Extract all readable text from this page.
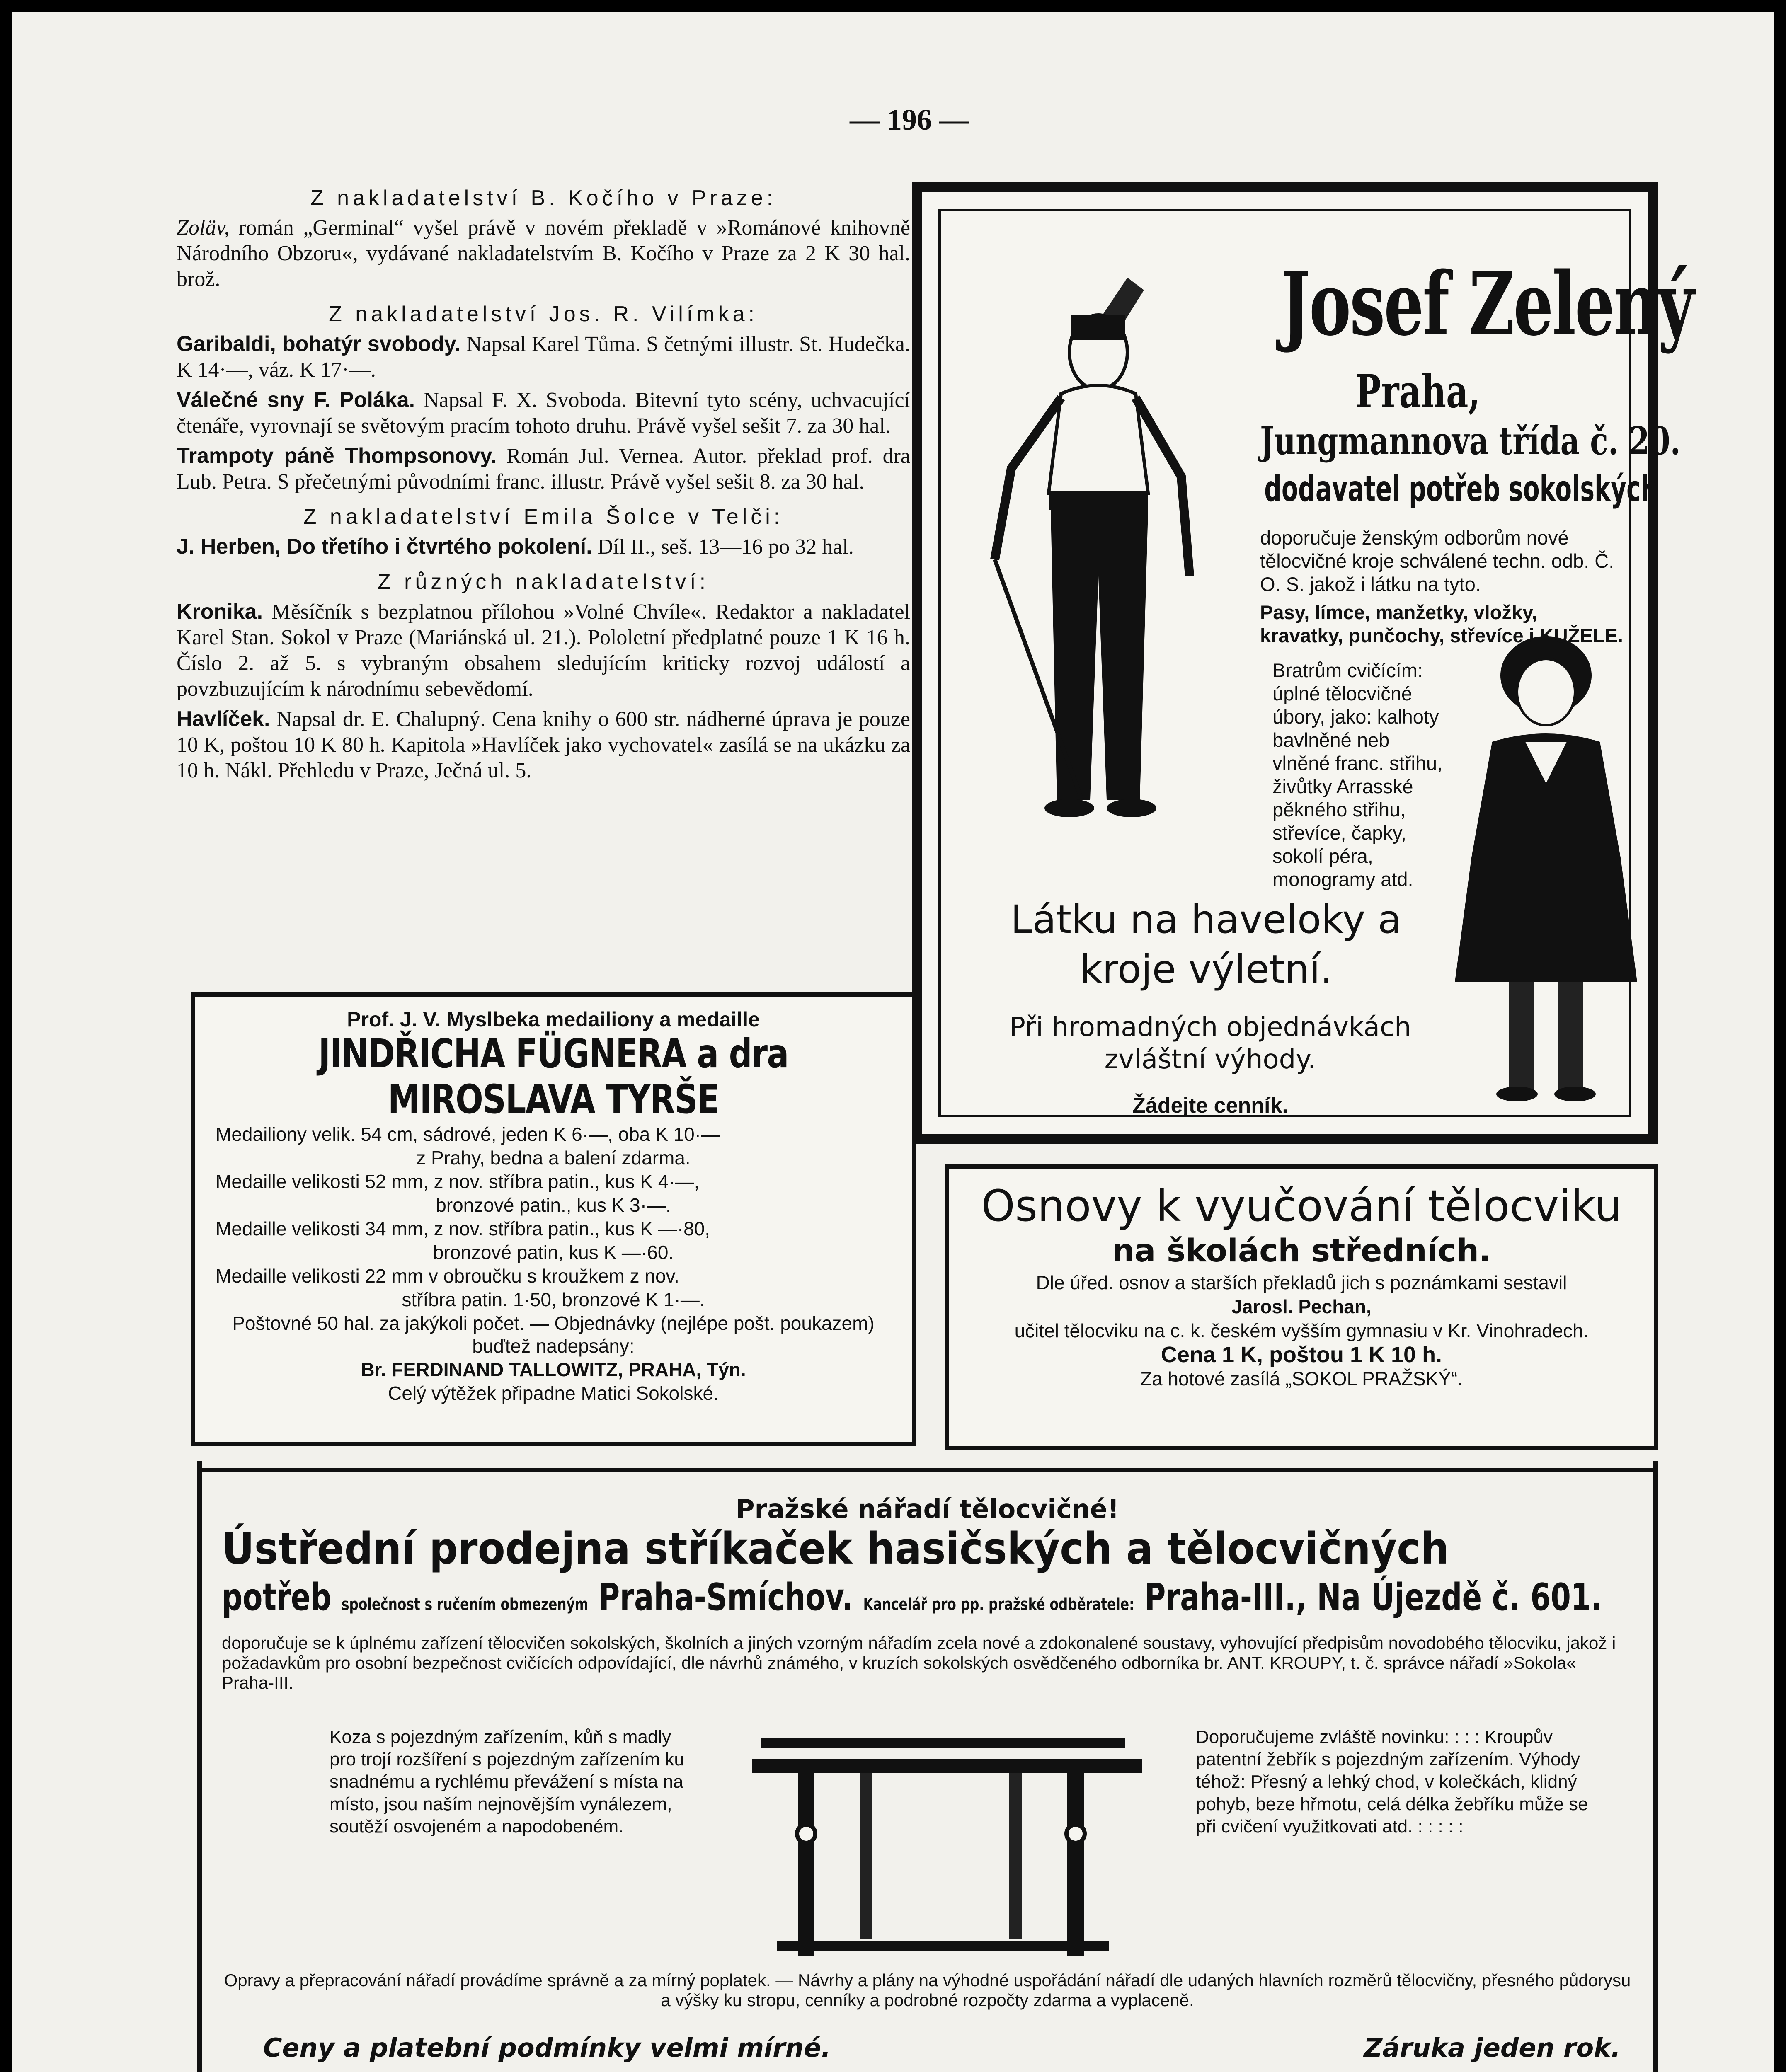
— 196 —
Z nakladatelství B. Kočího v Praze:
Zoläv, román „Germinal“ vyšel právě v novém překladě v »Románové knihovně Národního Obzoru«, vydávané nakladatelstvím B. Kočího v Praze za 2 K 30 hal. brož.
Z nakladatelství Jos. R. Vilímka:
Garibaldi, bohatýr svobody. Napsal Karel Tůma. S četnými illustr. St. Hudečka. K 14·—, váz. K 17·—.
Válečné sny F. Poláka. Napsal F. X. Svoboda. Bitevní tyto scény, uchvacující čtenáře, vyrovnají se světovým pracím tohoto druhu. Právě vyšel sešit 7. za 30 hal.
Trampoty páně Thompsonovy. Román Jul. Vernea. Autor. překlad prof. dra Lub. Petra. S přečetnými původními franc. illustr. Právě vyšel sešit 8. za 30 hal.
Z nakladatelství Emila Šolce v Telči:
J. Herben, Do třetího i čtvrtého pokolení. Díl II., seš. 13—16 po 32 hal.
Z různých nakladatelství:
Kronika. Měsíčník s bezplatnou přílohou »Volné Chvíle«. Redaktor a nakladatel Karel Stan. Sokol v Praze (Mariánská ul. 21.). Pololetní předplatné pouze 1 K 16 h. Číslo 2. až 5. s vybraným obsahem sledujícím kriticky rozvoj událostí a povzbuzujícím k národnímu sebevědomí.
Havlíček. Napsal dr. E. Chalupný. Cena knihy o 600 str. nádherné úprava je pouze 10 K, poštou 10 K 80 h. Kapitola »Havlíček jako vychovatel« zasílá se na ukázku za 10 h. Nákl. Přehledu v Praze, Ječná ul. 5.
Prof. J. V. Myslbeka medailiony a medaille
JINDŘICHA FÜGNERA a dra MIROSLAVA TYRŠE
Medailiony velik. 54 cm, sádrové, jeden K 6·—, oba K 10·—
z Prahy, bedna a balení zdarma.
Medaille velikosti 52 mm, z nov. stříbra patin., kus K 4·—,
bronzové patin., kus K 3·—.
Medaille velikosti 34 mm, z nov. stříbra patin., kus K —·80,
bronzové patin, kus K —·60.
Medaille velikosti 22 mm v obroučku s kroužkem z nov.
stříbra patin. 1·50, bronzové K 1·—.
Poštovné 50 hal. za jakýkoli počet. — Objednávky (nejlépe pošt. poukazem) buďtež nadepsány:
Br. FERDINAND TALLOWITZ, PRAHA, Týn.
Celý výtěžek připadne Matici Sokolské.
Josef Zelený
Praha,
Jungmannova třída č. 20.
dodavatel potřeb sokolských
doporučuje ženským odborům nové tělocvičné kroje schválené techn. odb. Č. O. S. jakož i látku na tyto.
Pasy, límce, manžetky, vložky, kravatky, punčochy, střevíce i KUŽELE.
Bratrům cvičícím: úplné tělocvičné úbory, jako: kalhoty bavlněné neb vlněné franc. střihu, živůtky Arrasské pěkného střihu, střevíce, čapky, sokolí péra, monogramy atd.
Látku na haveloky a kroje výletní.
Při hromadných objednávkách zvláštní výhody.
Žádejte cenník.
Osnovy k vyučování tělocviku
na školách středních.
Dle úřed. osnov a starších překladů jich s poznámkami sestavil
Jarosl. Pechan,
učitel tělocviku na c. k. českém vyšším gymnasiu v Kr. Vinohradech.
Cena 1 K, poštou 1 K 10 h.
Za hotové zasílá „SOKOL PRAŽSKÝ“.
Pražské nářadí tělocvičné!
Ústřední prodejna stříkaček hasičských a tělocvičných
potřeb společnost s ručením obmezeným Praha-Smíchov. Kancelář pro pp. pražské odběratele: Praha-III., Na Újezdě č. 601.
doporučuje se k úplnému zařízení tělocvičen sokolských, školních a jiných vzorným nářadím zcela nové a zdokonalené soustavy, vyhovující předpisům novodobého tělocviku, jakož i požadavkům pro osobní bezpečnost cvičících odpovídající, dle návrhů známého, v kruzích sokolských osvědčeného odborníka br. ANT. KROUPY, t. č. správce nářadí »Sokola« Praha-III.
Koza s pojezdným zařízením, kůň s madly pro trojí rozšíření s pojezdným zařízením ku snadnému a rychlému převážení s místa na místo, jsou naším nejnovějším vynálezem, soutěží osvojeném a napodobeném.
Doporučujeme zvláště novinku: : : : Kroupův patentní žebřík s pojezdným zařízením. Výhody téhož: Přesný a lehký chod, v kolečkách, klidný pohyb, beze hřmotu, celá délka žebříku může se při cvičení využitkovati atd. : : : : :
Opravy a přepracování nářadí provádíme správně a za mírný poplatek. — Návrhy a plány na výhodné uspořádání nářadí dle udaných hlavních rozměrů tělocvičny, přesného půdorysu a výšky ku stropu, cenníky a podrobné rozpočty zdarma a vyplaceně.
Ceny a platební podmínky velmi mírné.	Záruka jeden rok.
